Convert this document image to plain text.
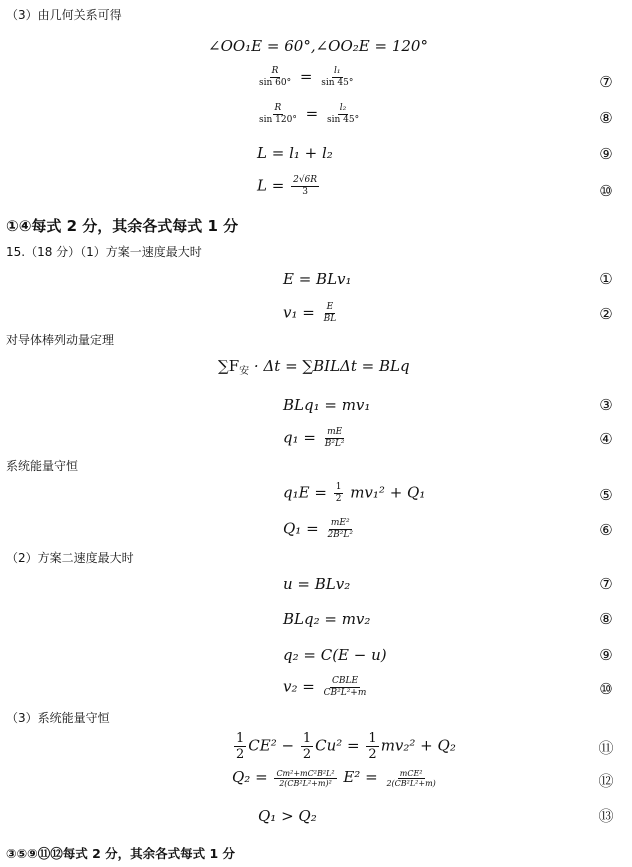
（3）由几何关系可得
∠OO₁E = 60°,∠OO₂E = 120°
$\frac{R}{\sin 60^\circ} = \frac{\text{l₁}}{\sin 45^\circ}$	⑦
$\frac{R}{\sin 120^\circ} = \frac{\text{l₂}}{\sin 45^\circ}$	⑧
L = l₁ + l₂	⑨
$L = \frac{2√6R}{3}$	⑩
①④每式 2 分，其余各式每式 1 分
15.（18 分）（1）方案一速度最大时
E = BLv₁	①
$v_1 = \frac{E}{BL}$	②
对导体棒列动量定理
$\sum F_安 \cdot \Delta t = \sum BIL\Delta t$ = BLq
BLq₁ = mv₁	③
$q_1 = \frac{mE}{\text{B²L²}}$	④
系统能量守恒
$q_1E = \frac{1}{2} mv_1^2 + Q_1$	⑤
$Q_1 = \frac{\text{mE²}}{\text{2B²L²}}$	⑥
（2）方案二速度最大时
u = BLv₂	⑦
BLq₂ = mv₂	⑧
q₂ = C(E − u)	⑨
$v_2 = \frac{\text{CBLE}}{\text{CB²L²+m}}$	⑩
（3）系统能量守恒
$\frac{1}{2} CE^2 - \frac{1}{2} Cu^2 = \frac{1}{2} mv_2^2 + Q_2$	⑪
$Q_2 = \frac{\text{Cm²+mC²B²L²}}{\text{2(CB²L²+m)²}} E^2 = \frac{\text{mCE²}}{\text{2(CB²L²+m)}}$	⑫
Q₁ > Q₂	⑬
③⑤⑨⑪⑫每式 2 分，其余各式每式 1 分
